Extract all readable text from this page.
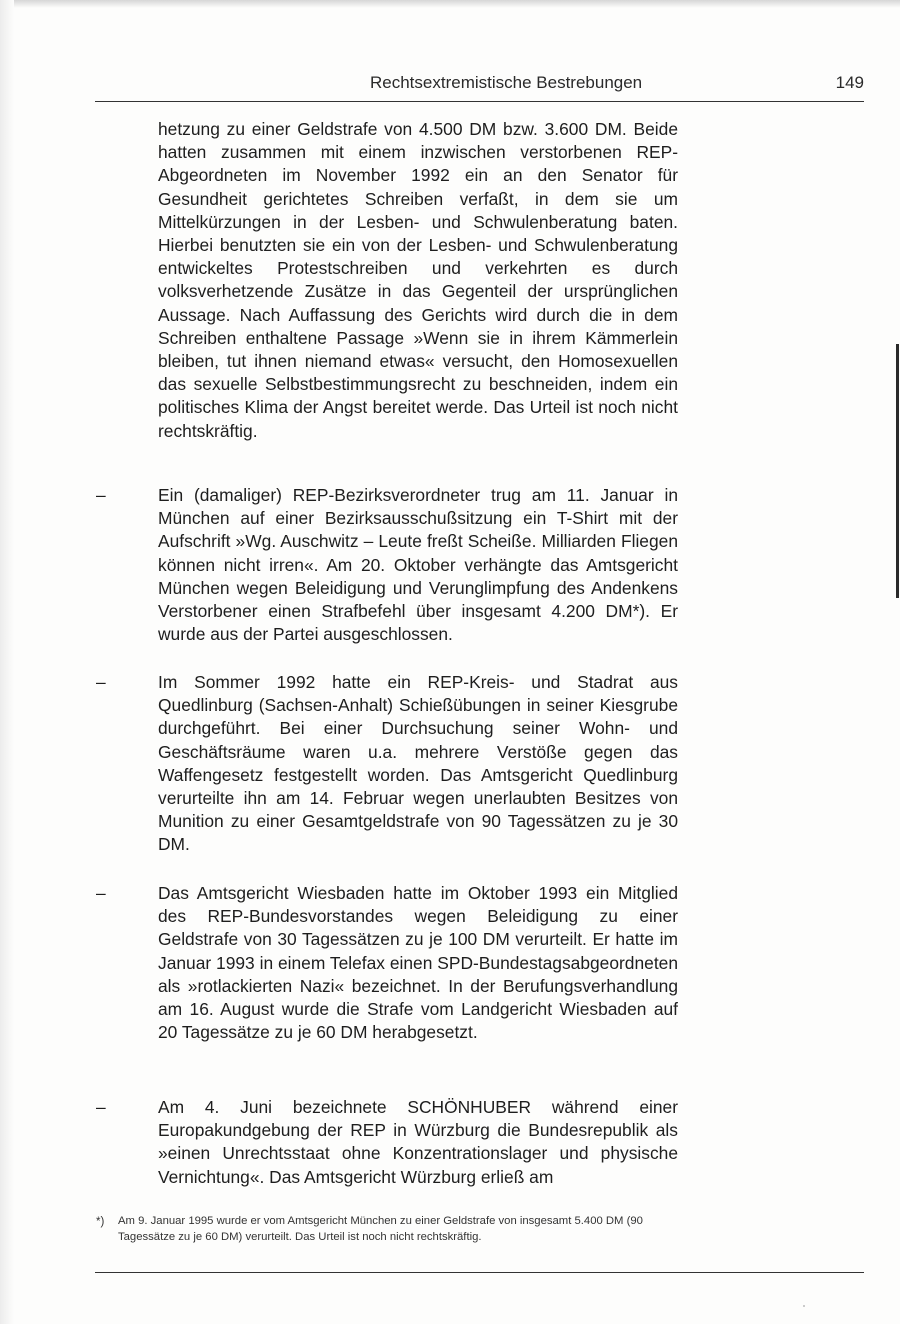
Rechtsextremistische Bestrebungen	149
hetzung zu einer Geldstrafe von 4.500 DM bzw. 3.600 DM. Beide hatten zusammen mit einem inzwischen verstorbenen REP-Abgeordneten im November 1992 ein an den Senator für Gesundheit gerichtetes Schreiben verfaßt, in dem sie um Mittelkürzungen in der Lesben- und Schwulenberatung baten. Hierbei benutzten sie ein von der Lesben- und Schwulenberatung entwickeltes Protestschreiben und verkehrten es durch volksverhetzende Zusätze in das Gegenteil der ursprünglichen Aussage. Nach Auffassung des Gerichts wird durch die in dem Schreiben enthaltene Passage »Wenn sie in ihrem Kämmerlein bleiben, tut ihnen niemand etwas« versucht, den Homosexuellen das sexuelle Selbstbestimmungsrecht zu beschneiden, indem ein politisches Klima der Angst bereitet werde. Das Urteil ist noch nicht rechtskräftig.
–	Ein (damaliger) REP-Bezirksverordneter trug am 11. Januar in München auf einer Bezirksausschußsitzung ein T-Shirt mit der Aufschrift »Wg. Auschwitz – Leute freßt Scheiße. Milliarden Fliegen können nicht irren«. Am 20. Oktober verhängte das Amtsgericht München wegen Beleidigung und Verunglimpfung des Andenkens Verstorbener einen Strafbefehl über insgesamt 4.200 DM*). Er wurde aus der Partei ausgeschlossen.
–	Im Sommer 1992 hatte ein REP-Kreis- und Stadrat aus Quedlinburg (Sachsen-Anhalt) Schießübungen in seiner Kiesgrube durchgeführt. Bei einer Durchsuchung seiner Wohn- und Geschäftsräume waren u.a. mehrere Verstöße gegen das Waffengesetz festgestellt worden. Das Amtsgericht Quedlinburg verurteilte ihn am 14. Februar wegen unerlaubten Besitzes von Munition zu einer Gesamtgeldstrafe von 90 Tagessätzen zu je 30 DM.
–	Das Amtsgericht Wiesbaden hatte im Oktober 1993 ein Mitglied des REP-Bundesvorstandes wegen Beleidigung zu einer Geldstrafe von 30 Tagessätzen zu je 100 DM verurteilt. Er hatte im Januar 1993 in einem Telefax einen SPD-Bundestagsabgeordneten als »rotlackierten Nazi« bezeichnet. In der Berufungsverhandlung am 16. August wurde die Strafe vom Landgericht Wiesbaden auf 20 Tagessätze zu je 60 DM herabgesetzt.
–	Am 4. Juni bezeichnete SCHÖNHUBER während einer Europakundgebung der REP in Würzburg die Bundesrepublik als »einen Unrechtsstaat ohne Konzentrationslager und physische Vernichtung«. Das Amtsgericht Würzburg erließ am
*) Am 9. Januar 1995 wurde er vom Amtsgericht München zu einer Geldstrafe von insgesamt 5.400 DM (90 Tagessätze zu je 60 DM) verurteilt. Das Urteil ist noch nicht rechtskräftig.
